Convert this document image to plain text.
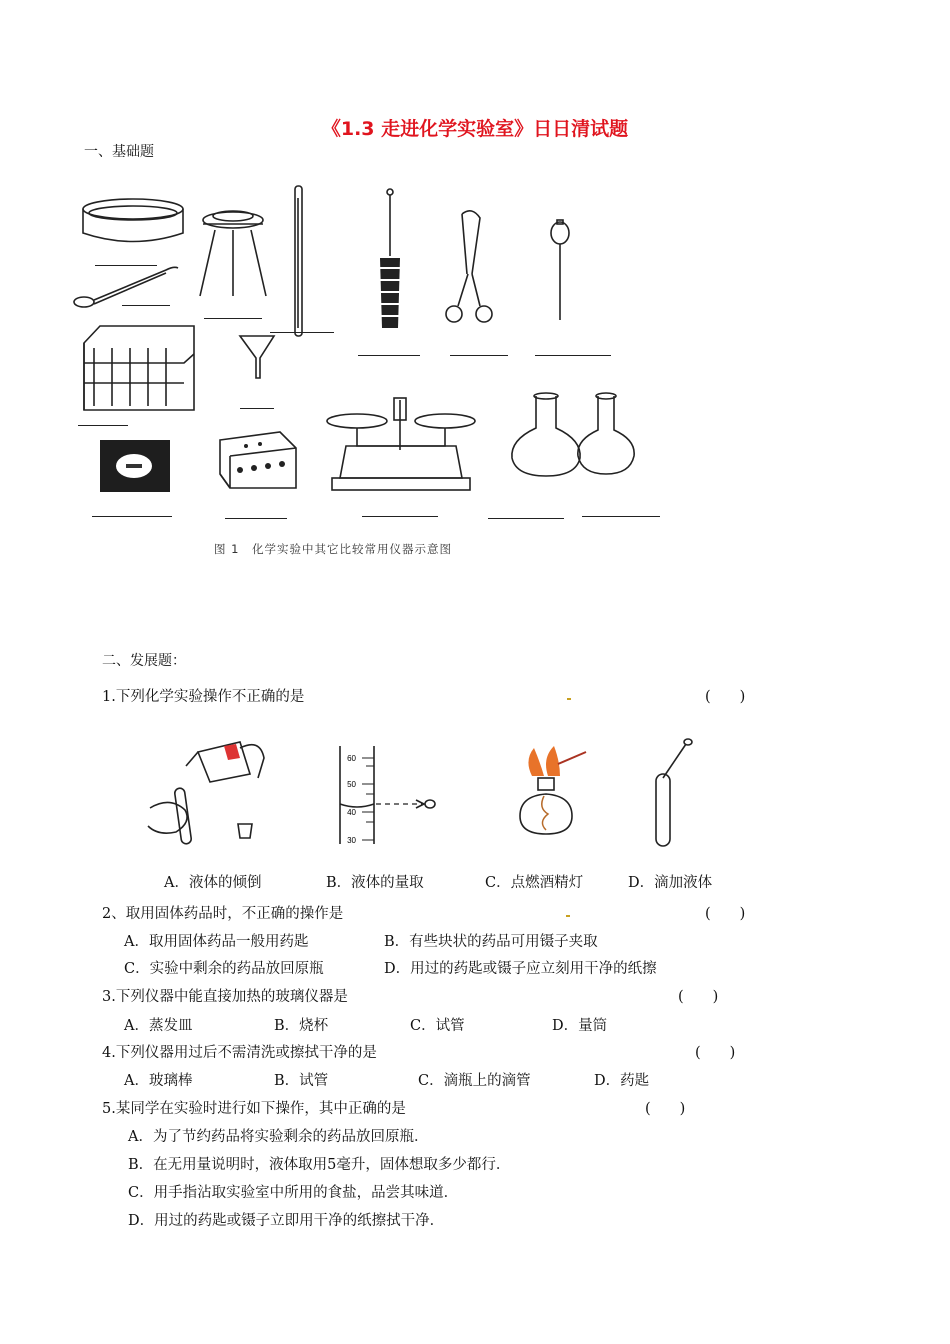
《1.3 走进化学实验室》日日清试题
一、基础题
图 1　化学实验中其它比较常用仪器示意图
二、发展题：
1.下列化学实验操作不正确的是	(　　)
60
50
40
30
A．液体的倾倒	B．液体的量取	C．点燃酒精灯	D．滴加液体
2、取用固体药品时，不正确的操作是	(　　)
A．取用固体药品一般用药匙	B．有些块状的药品可用镊子夹取
C．实验中剩余的药品放回原瓶	D．用过的药匙或镊子应立刻用干净的纸擦
3.下列仪器中能直接加热的玻璃仪器是	(　　)
A．蒸发皿	B．烧杯	C．试管	D．量筒
4.下列仪器用过后不需清洗或擦拭干净的是	(　　)
A．玻璃棒	B．试管	C．滴瓶上的滴管	D．药匙
5.某同学在实验时进行如下操作，其中正确的是	(　　)
A．为了节约药品将实验剩余的药品放回原瓶．
B．在无用量说明时，液体取用5毫升，固体想取多少都行．
C．用手指沾取实验室中所用的食盐，品尝其味道．
D．用过的药匙或镊子立即用干净的纸擦拭干净．
